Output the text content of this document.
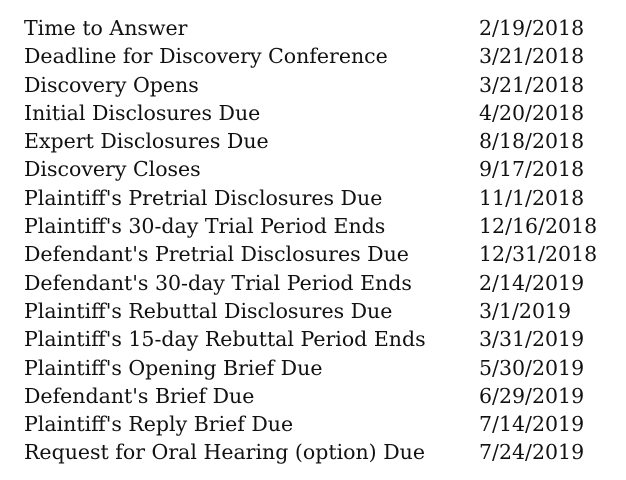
Time to Answer	2/19/2018
Deadline for Discovery Conference	3/21/2018
Discovery Opens	3/21/2018
Initial Disclosures Due	4/20/2018
Expert Disclosures Due	8/18/2018
Discovery Closes	9/17/2018
Plaintiff's Pretrial Disclosures Due	11/1/2018
Plaintiff's 30-day Trial Period Ends	12/16/2018
Defendant's Pretrial Disclosures Due	12/31/2018
Defendant's 30-day Trial Period Ends	2/14/2019
Plaintiff's Rebuttal Disclosures Due	3/1/2019
Plaintiff's 15-day Rebuttal Period Ends	3/31/2019
Plaintiff's Opening Brief Due	5/30/2019
Defendant's Brief Due	6/29/2019
Plaintiff's Reply Brief Due	7/14/2019
Request for Oral Hearing (option) Due	7/24/2019
